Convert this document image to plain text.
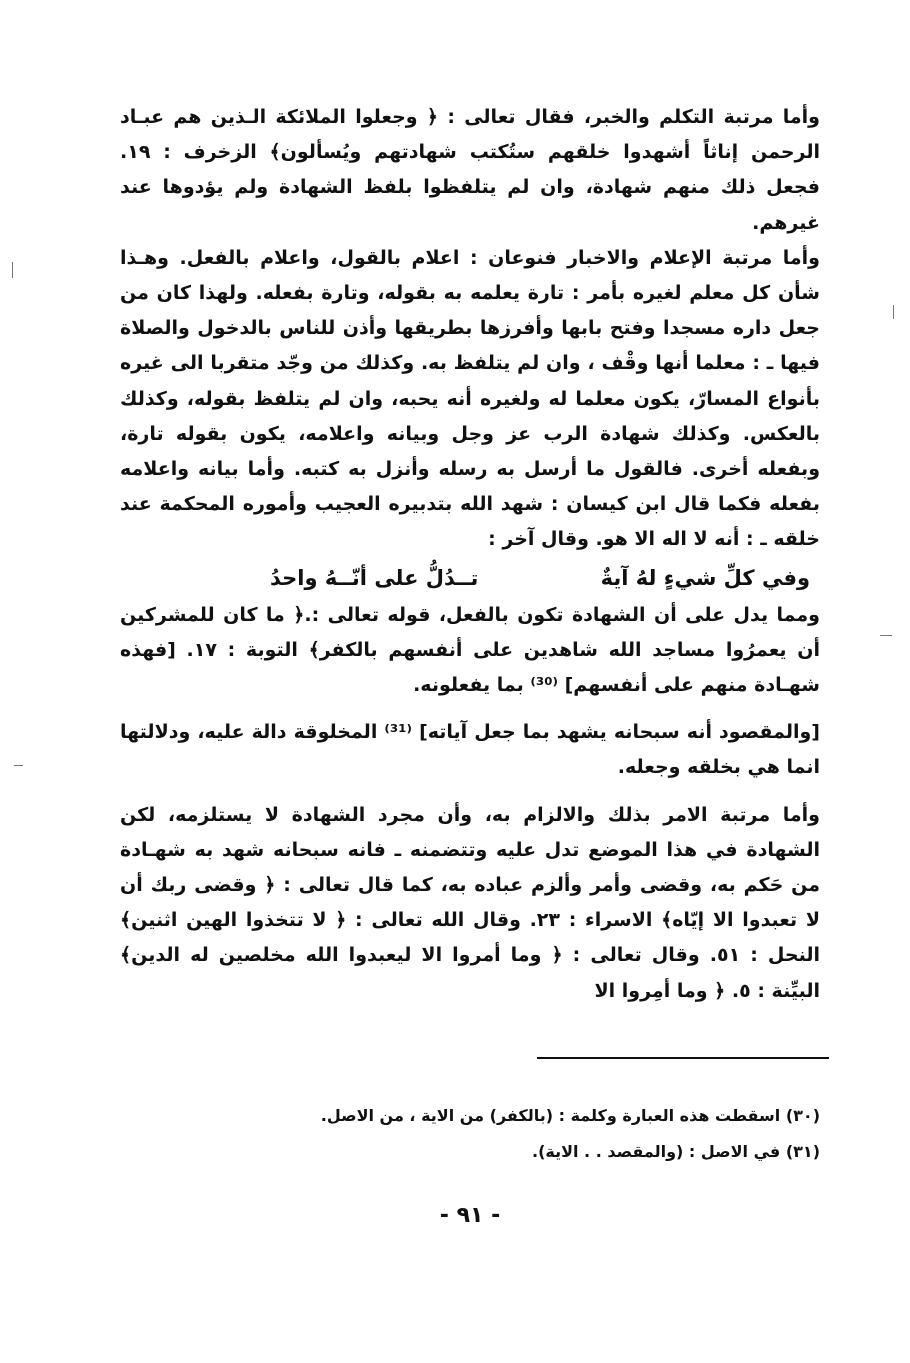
وأما مرتبة التكلم والخبر، فقال تعالى : ﴿ وجعلوا الملائكة الـذين هم عبـاد الرحمن إناثاً أشهدوا خلقهم ستُكتب شهادتهم ويُسألون﴾ الزخرف : ١٩. فجعل ذلك منهم شهادة، وان لم يتلفظوا بلفظ الشهادة ولم يؤدوها عند غيرهم.

وأما مرتبة الإعلام والاخبار فنوعان : اعلام بالقول، واعلام بالفعل. وهـذا شأن كل معلم لغيره بأمر : تارة يعلمه به بقوله، وتارة بفعله. ولهذا كان من جعل داره مسجدا وفتح بابها وأفرزها بطريقها وأذن للناس بالدخول والصلاة فيها ـ : معلما أنها وقْف ، وان لم يتلفظ به. وكذلك من وجّد متقربا الى غيره بأنواع المسارّ، يكون معلما له ولغيره أنه يحبه، وان لم يتلفظ بقوله، وكذلك بالعكس. وكذلك شهادة الرب عز وجل وبيانه واعلامه، يكون بقوله تارة، وبفعله أخرى. فالقول ما أرسل به رسله وأنزل به كتبه. وأما بيانه واعلامه بفعله فكما قال ابن كيسان : شهد الله بتدبيره العجيب وأموره المحكمة عند خلقه ـ : أنه لا اله الا هو. وقال آخر :

وفي كلِّ شيءٍ لهُ آيةٌ
تــدُلُّ على أنّــهُ واحدُ

ومما يدل على أن الشهادة تكون بالفعل، قوله تعالى :.﴿ ما كان للمشركين أن يعمرُوا مساجد الله شاهدين على أنفسهم بالكفر﴾ التوبة : ١٧. [فهذه شهـادة منهم على أنفسهم] ⁽³⁰⁾ بما يفعلونه.

[والمقصود أنه سبحانه يشهد بما جعل آياته] ⁽³¹⁾ المخلوقة دالة عليه، ودلالتها انما هي بخلقه وجعله.

وأما مرتبة الامر بذلك والالزام به، وأن مجرد الشهادة لا يستلزمه، لكن الشهادة في هذا الموضع تدل عليه وتتضمنه ـ فانه سبحانه شهد به شهـادة من حَكم به، وقضى وأمر وألزم عباده به، كما قال تعالى : ﴿ وقضى ربك أن لا تعبدوا الا إيّاه﴾ الاسراء : ٢٣. وقال الله تعالى : ﴿ لا تتخذوا الهين اثنين﴾ النحل : ٥١. وقال تعالى : ﴿ وما أمروا الا ليعبدوا الله مخلصين له الدين﴾ البيِّنة : ٥. ﴿ وما أمِروا الا

(٣٠) اسقطت هذه العبارة وكلمة : (بالكفر) من الاية ، من الاصل.

(٣١) في الاصل : (والمقصد . . الاية).

- ٩١ -
